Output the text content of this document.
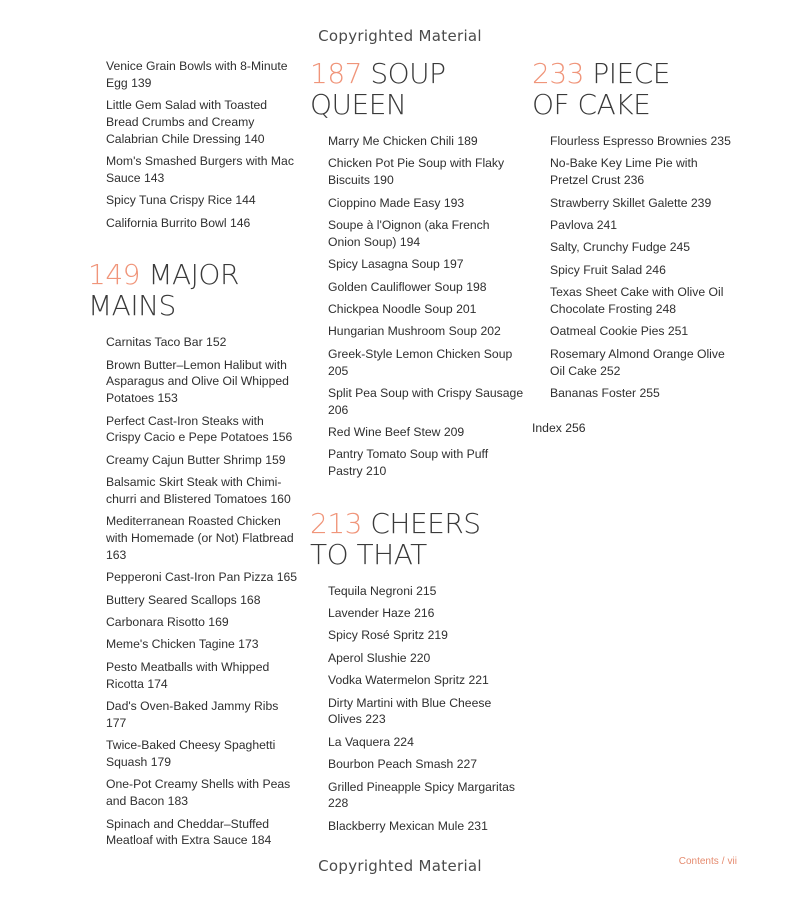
Copyrighted Material
Venice Grain Bowls with 8-Minute Egg 139
Little Gem Salad with Toasted Bread Crumbs and Creamy Calabrian Chile Dressing 140
Mom's Smashed Burgers with Mac Sauce 143
Spicy Tuna Crispy Rice 144
California Burrito Bowl 146
149 MAJOR
MAINS
Carnitas Taco Bar 152
Brown Butter–Lemon Halibut with Asparagus and Olive Oil Whipped Potatoes 153
Perfect Cast-Iron Steaks with Crispy Cacio e Pepe Potatoes 156
Creamy Cajun Butter Shrimp 159
Balsamic Skirt Steak with Chimi-churri and Blistered Tomatoes 160
Mediterranean Roasted Chicken with Homemade (or Not) Flatbread 163
Pepperoni Cast-Iron Pan Pizza 165
Buttery Seared Scallops 168
Carbonara Risotto 169
Meme's Chicken Tagine 173
Pesto Meatballs with Whipped Ricotta 174
Dad's Oven-Baked Jammy Ribs 177
Twice-Baked Cheesy Spaghetti Squash 179
One-Pot Creamy Shells with Peas and Bacon 183
Spinach and Cheddar–Stuffed Meatloaf with Extra Sauce 184
187 SOUP
QUEEN
Marry Me Chicken Chili 189
Chicken Pot Pie Soup with Flaky Biscuits 190
Cioppino Made Easy 193
Soupe à l'Oignon (aka French Onion Soup) 194
Spicy Lasagna Soup 197
Golden Cauliflower Soup 198
Chickpea Noodle Soup 201
Hungarian Mushroom Soup 202
Greek-Style Lemon Chicken Soup 205
Split Pea Soup with Crispy Sausage 206
Red Wine Beef Stew 209
Pantry Tomato Soup with Puff Pastry 210
213 CHEERS
TO THAT
Tequila Negroni 215
Lavender Haze 216
Spicy Rosé Spritz 219
Aperol Slushie 220
Vodka Watermelon Spritz 221
Dirty Martini with Blue Cheese Olives 223
La Vaquera 224
Bourbon Peach Smash 227
Grilled Pineapple Spicy Margaritas 228
Blackberry Mexican Mule 231
233 PIECE
OF CAKE
Flourless Espresso Brownies 235
No-Bake Key Lime Pie with Pretzel Crust 236
Strawberry Skillet Galette 239
Pavlova 241
Salty, Crunchy Fudge 245
Spicy Fruit Salad 246
Texas Sheet Cake with Olive Oil Chocolate Frosting 248
Oatmeal Cookie Pies 251
Rosemary Almond Orange Olive Oil Cake 252
Bananas Foster 255
Index 256
Copyrighted Material	Contents / vii
